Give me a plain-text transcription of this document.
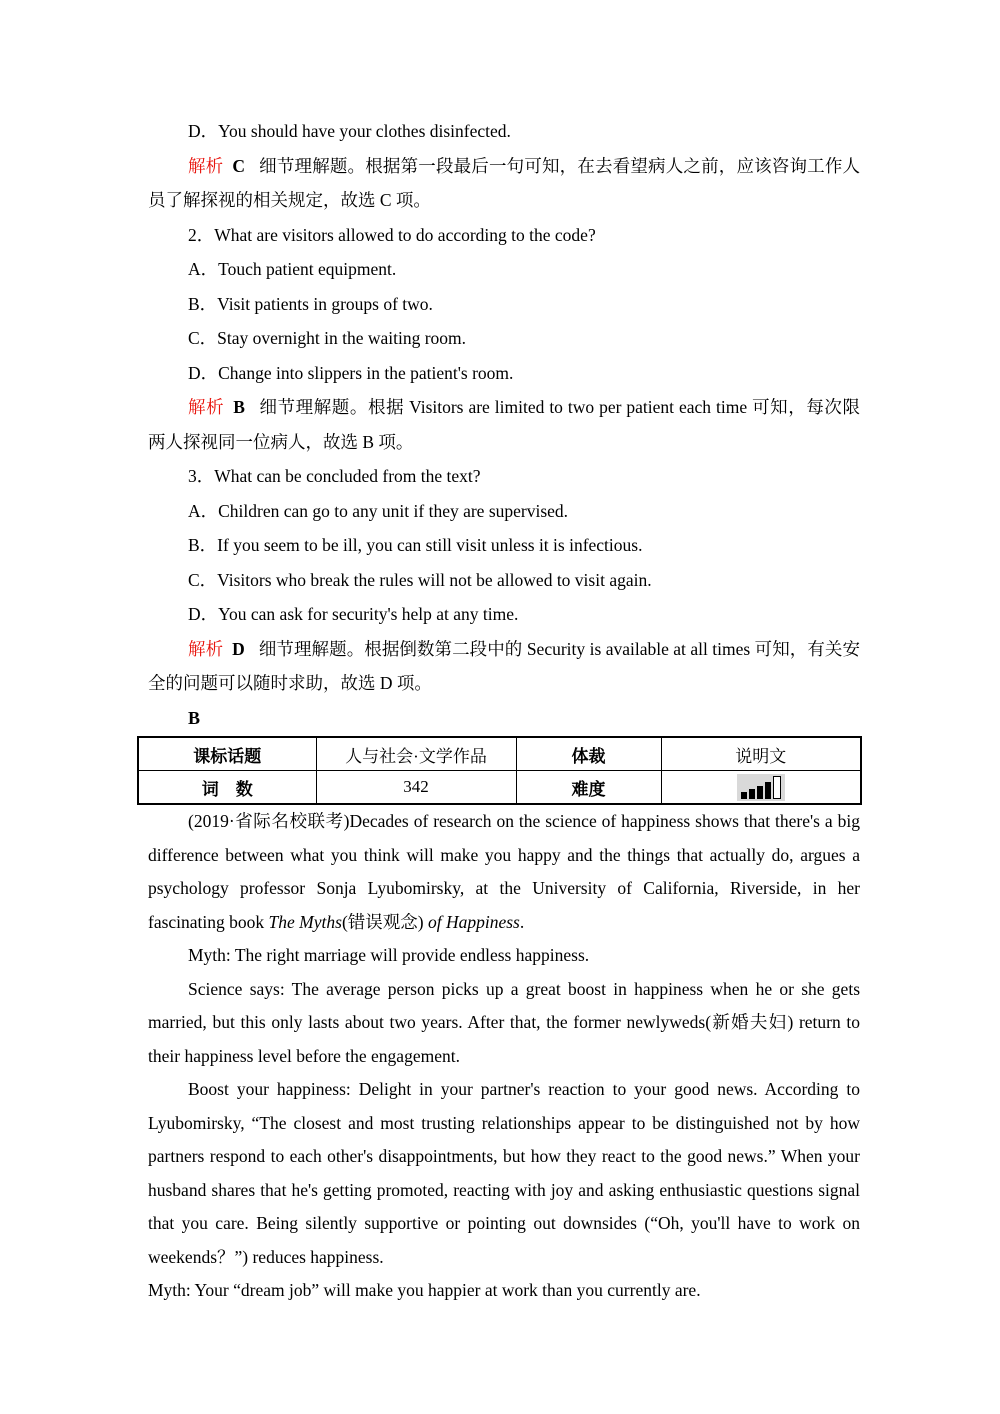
D．You should have your clothes disinfected.

解析 C 细节理解题。根据第一段最后一句可知，在去看望病人之前，应该咨询工作人员了解探视的相关规定，故选 C 项。

2．What are visitors allowed to do according to the code?

A．Touch patient equipment.

B．Visit patients in groups of two.

C．Stay overnight in the waiting room.

D．Change into slippers in the patient's room.

解析 B 细节理解题。根据 Visitors are limited to two per patient each time 可知，每次限两人探视同一位病人，故选 B 项。

3．What can be concluded from the text?

A．Children can go to any unit if they are supervised.

B．If you seem to be ill, you can still visit unless it is infectious.

C．Visitors who break the rules will not be allowed to visit again.

D．You can ask for security's help at any time.

解析 D 细节理解题。根据倒数第二段中的 Security is available at all times 可知，有关安全的问题可以随时求助，故选 D 项。

B

课标话题	人与社会·文学作品	体裁	说明文
词　数	342	难度	

(2019·省际名校联考)Decades of research on the science of happiness shows that there's a big difference between what you think will make you happy and the things that actually do, argues a psychology professor Sonja Lyubomirsky, at the University of California, Riverside, in her fascinating book The Myths(错误观念) of Happiness.

Myth: The right marriage will provide endless happiness.

Science says: The average person picks up a great boost in happiness when he or she gets married, but this only lasts about two years. After that, the former newlyweds(新婚夫妇) return to their happiness level before the engagement.

Boost your happiness: Delight in your partner's reaction to your good news. According to Lyubomirsky, “The closest and most trusting relationships appear to be distinguished not by how partners respond to each other's disappointments, but how they react to the good news.” When your husband shares that he's getting promoted, reacting with joy and asking enthusiastic questions signal that you care. Being silently supportive or pointing out downsides (“Oh, you'll have to work on weekends？”) reduces happiness.

Myth: Your “dream job” will make you happier at work than you currently are.
